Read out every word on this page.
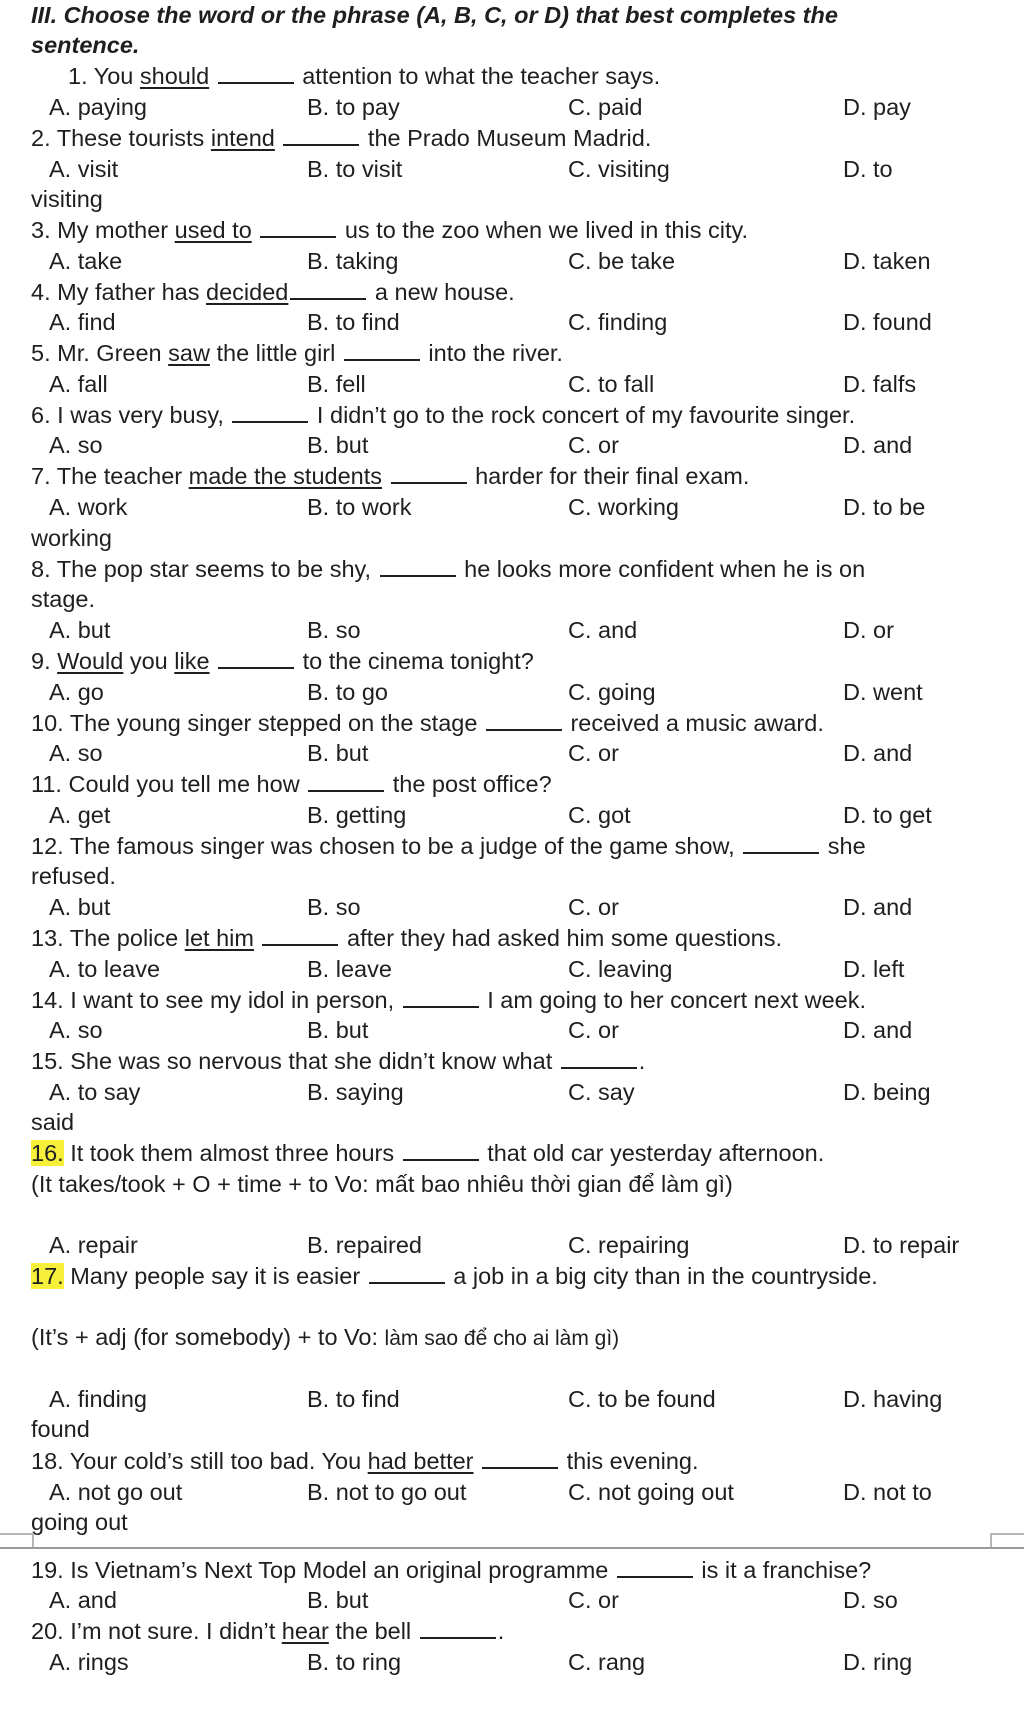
III. Choose the word or the phrase (A, B, C, or D) that best completes the
sentence.
1. You should	attention to what the teacher says.
A. paying	B. to pay	C. paid	D. pay
2. These tourists intend	the Prado Museum Madrid.
A. visit	B. to visit	C. visiting	D. to
visiting
3. My mother used to	us to the zoo when we lived in this city.
A. take	B. taking	C. be take	D. taken
4. My father has decided	a new house.
A. find	B. to find	C. finding	D. found
5. Mr. Green saw the little girl	into the river.
A. fall	B. fell	C. to fall	D. falfs
6. I was very busy,	I didn’t go to the rock concert of my favourite singer.
A. so	B. but	C. or	D. and
7. The teacher made the students	harder for their final exam.
A. work	B. to work	C. working	D. to be
working
8. The pop star seems to be shy,	he looks more confident when he is on
stage.
A. but	B. so	C. and	D. or
9. Would you like	to the cinema tonight?
A. go	B. to go	C. going	D. went
10. The young singer stepped on the stage	received a music award.
A. so	B. but	C. or	D. and
11. Could you tell me how	the post office?
A. get	B. getting	C. got	D. to get
12. The famous singer was chosen to be a judge of the game show,	she
refused.
A. but	B. so	C. or	D. and
13. The police let him	after they had asked him some questions.
A. to leave	B. leave	C. leaving	D. left
14. I want to see my idol in person,	I am going to her concert next week.
A. so	B. but	C. or	D. and
15. She was so nervous that she didn’t know what	.
A. to say	B. saying	C. say	D. being
said
16. It took them almost three hours	that old car yesterday afternoon.
(It takes/took + O + time + to Vo: mất bao nhiêu thời gian để làm gì)
A. repair	B. repaired	C. repairing	D. to repair
17. Many people say it is easier	a job in a big city than in the countryside.
(It’s + adj (for somebody) + to Vo: làm sao để cho ai làm gì)
A. finding	B. to find	C. to be found	D. having
found
18. Your cold’s still too bad. You had better	this evening.
A. not go out	B. not to go out	C. not going out	D. not to
going out
19. Is Vietnam’s Next Top Model an original programme	is it a franchise?
A. and	B. but	C. or	D. so
20. I’m not sure. I didn’t hear the bell	.
A. rings	B. to ring	C. rang	D. ring
